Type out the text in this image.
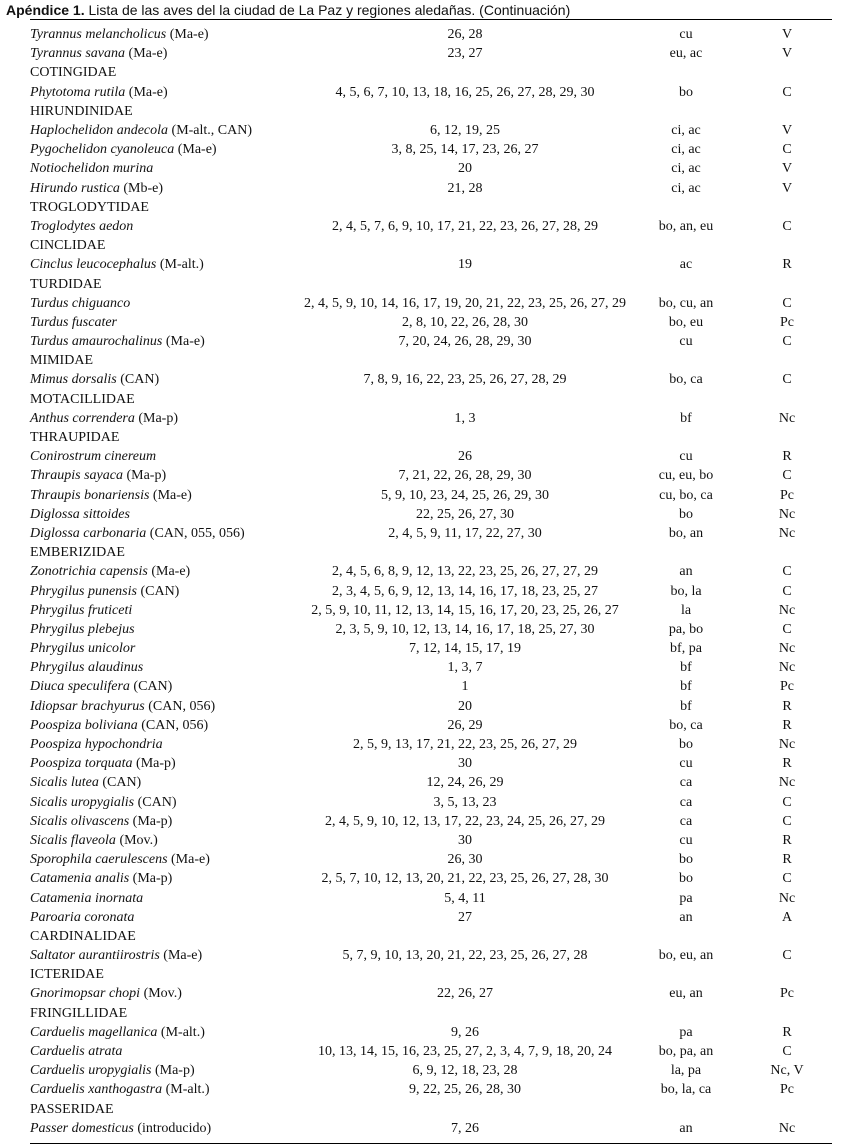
Apéndice 1. Lista de las aves del la ciudad de La Paz y regiones aledañas. (Continuación)
Tyrannus melancholicus (Ma-e)	26, 28	cu	V
Tyrannus savana (Ma-e)	23, 27	eu, ac	V
COTINGIDAE			
Phytotoma rutila (Ma-e)	4, 5, 6, 7, 10, 13, 18, 16, 25, 26, 27, 28, 29, 30	bo	C
HIRUNDINIDAE			
Haplochelidon andecola (M-alt., CAN)	6, 12, 19, 25	ci, ac	V
Pygochelidon cyanoleuca (Ma-e)	3, 8, 25, 14, 17, 23, 26, 27	ci, ac	C
Notiochelidon murina	20	ci, ac	V
Hirundo rustica (Mb-e)	21, 28	ci, ac	V
TROGLODYTIDAE			
Troglodytes aedon	2, 4, 5, 7, 6, 9, 10, 17, 21, 22, 23, 26, 27, 28, 29	bo, an, eu	C
CINCLIDAE			
Cinclus leucocephalus (M-alt.)	19	ac	R
TURDIDAE			
Turdus chiguanco	2, 4, 5, 9, 10, 14, 16, 17, 19, 20, 21, 22, 23, 25, 26, 27, 29	bo, cu, an	C
Turdus fuscater	2, 8, 10, 22, 26, 28, 30	bo, eu	Pc
Turdus amaurochalinus (Ma-e)	7, 20, 24, 26, 28, 29, 30	cu	C
MIMIDAE			
Mimus dorsalis (CAN)	7, 8, 9, 16, 22, 23, 25, 26, 27, 28, 29	bo, ca	C
MOTACILLIDAE			
Anthus correndera (Ma-p)	1, 3	bf	Nc
THRAUPIDAE			
Conirostrum cinereum	26	cu	R
Thraupis sayaca (Ma-p)	7, 21, 22, 26, 28, 29, 30	cu, eu, bo	C
Thraupis bonariensis (Ma-e)	5, 9, 10, 23, 24, 25, 26, 29, 30	cu, bo, ca	Pc
Diglossa sittoides	22, 25, 26, 27, 30	bo	Nc
Diglossa carbonaria (CAN, 055, 056)	2, 4, 5, 9, 11, 17, 22, 27, 30	bo, an	Nc
EMBERIZIDAE			
Zonotrichia capensis (Ma-e)	2, 4, 5, 6, 8, 9, 12, 13, 22, 23, 25, 26, 27, 27, 29	an	C
Phrygilus punensis (CAN)	2, 3, 4, 5, 6, 9, 12, 13, 14, 16, 17, 18, 23, 25, 27	bo, la	C
Phrygilus fruticeti	2, 5, 9, 10, 11, 12, 13, 14, 15, 16, 17, 20, 23, 25, 26, 27	la	Nc
Phrygilus plebejus	2, 3, 5, 9, 10, 12, 13, 14, 16, 17, 18, 25, 27, 30	pa, bo	C
Phrygilus unicolor	7, 12, 14, 15, 17, 19	bf, pa	Nc
Phrygilus alaudinus	1, 3, 7	bf	Nc
Diuca speculifera (CAN)	1	bf	Pc
Idiopsar brachyurus (CAN, 056)	20	bf	R
Poospiza boliviana (CAN, 056)	26, 29	bo, ca	R
Poospiza hypochondria	2, 5, 9, 13, 17, 21, 22, 23, 25, 26, 27, 29	bo	Nc
Poospiza torquata (Ma-p)	30	cu	R
Sicalis lutea (CAN)	12, 24, 26, 29	ca	Nc
Sicalis uropygialis (CAN)	3, 5, 13, 23	ca	C
Sicalis olivascens (Ma-p)	2, 4, 5, 9, 10, 12, 13, 17, 22, 23, 24, 25, 26, 27, 29	ca	C
Sicalis flaveola (Mov.)	30	cu	R
Sporophila caerulescens (Ma-e)	26, 30	bo	R
Catamenia analis (Ma-p)	2, 5, 7, 10, 12, 13, 20, 21, 22, 23, 25, 26, 27, 28, 30	bo	C
Catamenia inornata	5, 4, 11	pa	Nc
Paroaria coronata	27	an	A
CARDINALIDAE			
Saltator aurantiirostris (Ma-e)	5, 7, 9, 10, 13, 20, 21, 22, 23, 25, 26, 27, 28	bo, eu, an	C
ICTERIDAE			
Gnorimopsar chopi (Mov.)	22, 26, 27	eu, an	Pc
FRINGILLIDAE			
Carduelis magellanica (M-alt.)	9, 26	pa	R
Carduelis atrata	10, 13, 14, 15, 16, 23, 25, 27, 2, 3, 4, 7, 9, 18, 20, 24	bo, pa, an	C
Carduelis uropygialis (Ma-p)	6, 9, 12, 18, 23, 28	la, pa	Nc, V
Carduelis xanthogastra (M-alt.)	9, 22, 25, 26, 28, 30	bo, la, ca	Pc
PASSERIDAE			
Passer domesticus (introducido)	7, 26	an	Nc
